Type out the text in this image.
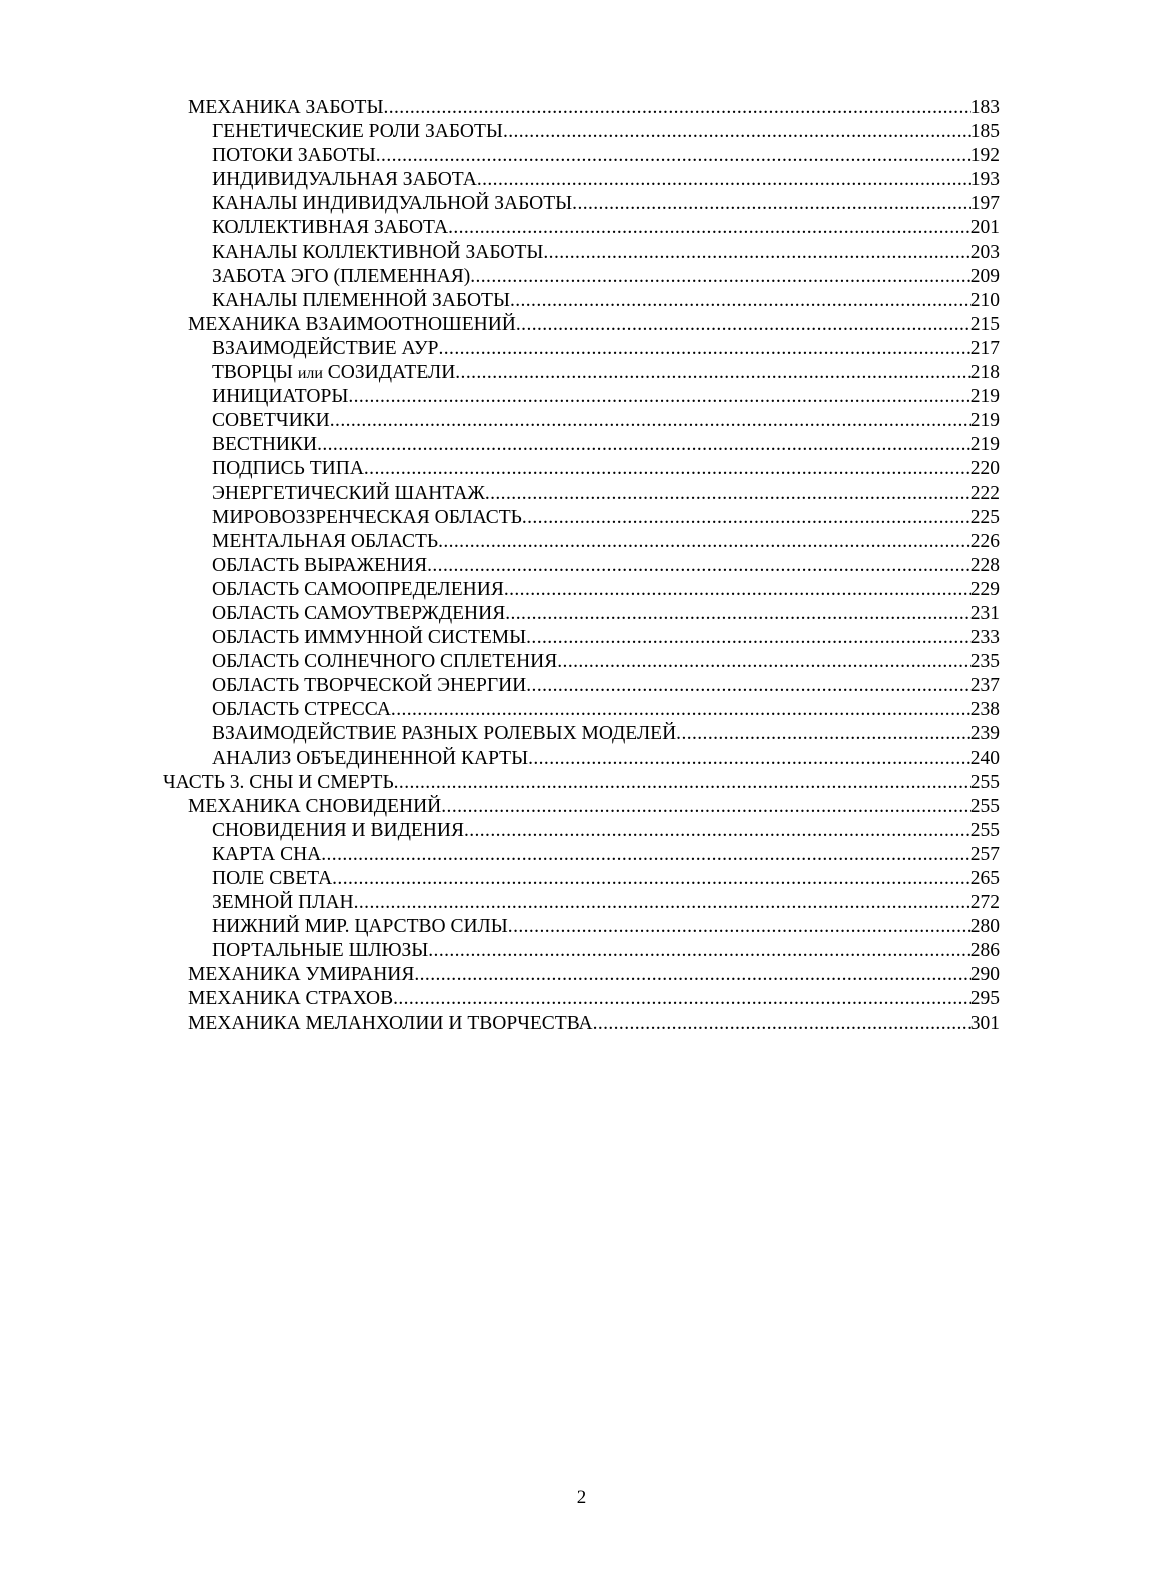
МЕХАНИКА ЗАБОТЫ .....	183
ГЕНЕТИЧЕСКИЕ РОЛИ ЗАБОТЫ .....	185
ПОТОКИ ЗАБОТЫ .....	192
ИНДИВИДУАЛЬНАЯ ЗАБОТА .....	193
КАНАЛЫ ИНДИВИДУАЛЬНОЙ ЗАБОТЫ .....	197
КОЛЛЕКТИВНАЯ ЗАБОТА .....	201
КАНАЛЫ КОЛЛЕКТИВНОЙ ЗАБОТЫ .....	203
ЗАБОТА ЭГО (ПЛЕМЕННАЯ) .....	209
КАНАЛЫ ПЛЕМЕННОЙ ЗАБОТЫ .....	210
МЕХАНИКА ВЗАИМООТНОШЕНИЙ .....	215
ВЗАИМОДЕЙСТВИЕ АУР .....	217
ТВОРЦЫ или СОЗИДАТЕЛИ .....	218
ИНИЦИАТОРЫ .....	219
СОВЕТЧИКИ .....	219
ВЕСТНИКИ .....	219
ПОДПИСЬ ТИПА .....	220
ЭНЕРГЕТИЧЕСКИЙ ШАНТАЖ .....	222
МИРОВОЗЗРЕНЧЕСКАЯ ОБЛАСТЬ .....	225
МЕНТАЛЬНАЯ ОБЛАСТЬ .....	226
ОБЛАСТЬ ВЫРАЖЕНИЯ .....	228
ОБЛАСТЬ САМООПРЕДЕЛЕНИЯ .....	229
ОБЛАСТЬ САМОУТВЕРЖДЕНИЯ .....	231
ОБЛАСТЬ ИММУННОЙ СИСТЕМЫ .....	233
ОБЛАСТЬ СОЛНЕЧНОГО СПЛЕТЕНИЯ .....	235
ОБЛАСТЬ ТВОРЧЕСКОЙ ЭНЕРГИИ .....	237
ОБЛАСТЬ СТРЕССА .....	238
ВЗАИМОДЕЙСТВИЕ РАЗНЫХ РОЛЕВЫХ МОДЕЛЕЙ .....	239
АНАЛИЗ ОБЪЕДИНЕННОЙ КАРТЫ .....	240
ЧАСТЬ 3. СНЫ И СМЕРТЬ .....	255
МЕХАНИКА СНОВИДЕНИЙ .....	255
СНОВИДЕНИЯ И ВИДЕНИЯ .....	255
КАРТА СНА .....	257
ПОЛЕ СВЕТА .....	265
ЗЕМНОЙ ПЛАН .....	272
НИЖНИЙ МИР. ЦАРСТВО СИЛЫ .....	280
ПОРТАЛЬНЫЕ ШЛЮЗЫ .....	286
МЕХАНИКА УМИРАНИЯ .....	290
МЕХАНИКА СТРАХОВ .....	295
МЕХАНИКА МЕЛАНХОЛИИ И ТВОРЧЕСТВА .....	301
2
